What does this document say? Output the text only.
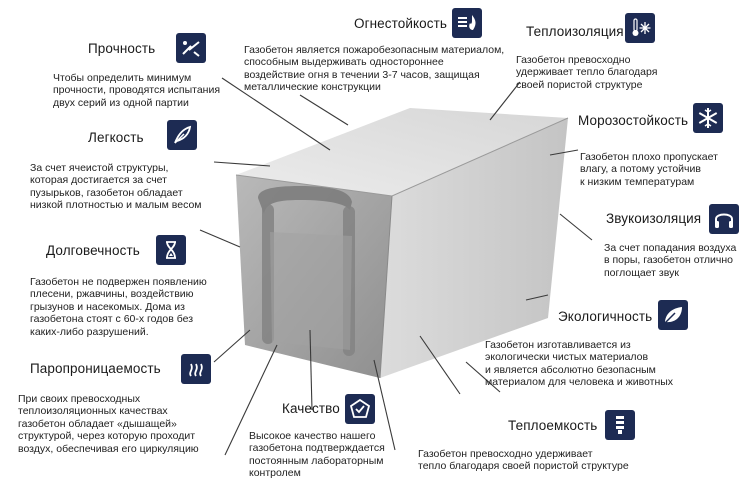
Прочность
Чтобы определить минимум
прочности, проводятся испытания
двух серий из одной партии
Легкость
За счет ячеистой структуры,
которая достигается за счет
пузырьков, газобетон обладает
низкой плотностью и малым весом
Долговечность
Газобетон не подвержен появлению
плесени, ржавчины, воздействию
грызунов и насекомых. Дома из
газобетона стоят с 60-х годов без
каких-либо разрушений.
Паропроницаемость
При своих превосходных
теплоизоляционных качествах
газобетон обладает «дышащей»
структурой, через которую проходит
воздух, обеспечивая его циркуляцию
Огнестойкость
Газобетон является пожаробезопасным материалом,
способным выдерживать одностороннее
воздействие огня в течении 3-7 часов, защищая
металлические конструкции
Теплоизоляция
Газобетон превосходно
удерживает тепло благодаря
своей пористой структуре
Морозостойкость
Газобетон плохо пропускает
влагу, а потому устойчив
к низким температурам
Звукоизоляция
За счет попадания воздуха
в поры, газобетон отлично
поглощает звук
Экологичность
Газобетон изготавливается из
экологически чистых материалов
и является абсолютно безопасным
материалом для человека и животных
Качество
Высокое качество нашего
газобетона подтверждается
постоянным лабораторным
контролем
Теплоемкость
Газобетон превосходно удерживает
тепло благодаря своей пористой структуре
